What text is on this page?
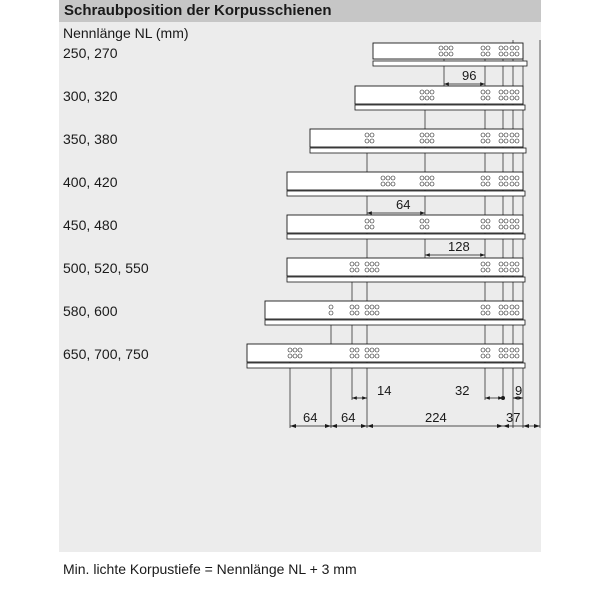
Schraubposition der Korpusschienen
Nennlänge NL (mm)
250, 270
300, 320
350, 380
400, 420
450, 480
500, 520, 550
580, 600
650, 700, 750
96
64
128
14	32	9
64 64	224	37
Min. lichte Korpustiefe = Nennlänge NL + 3 mm
